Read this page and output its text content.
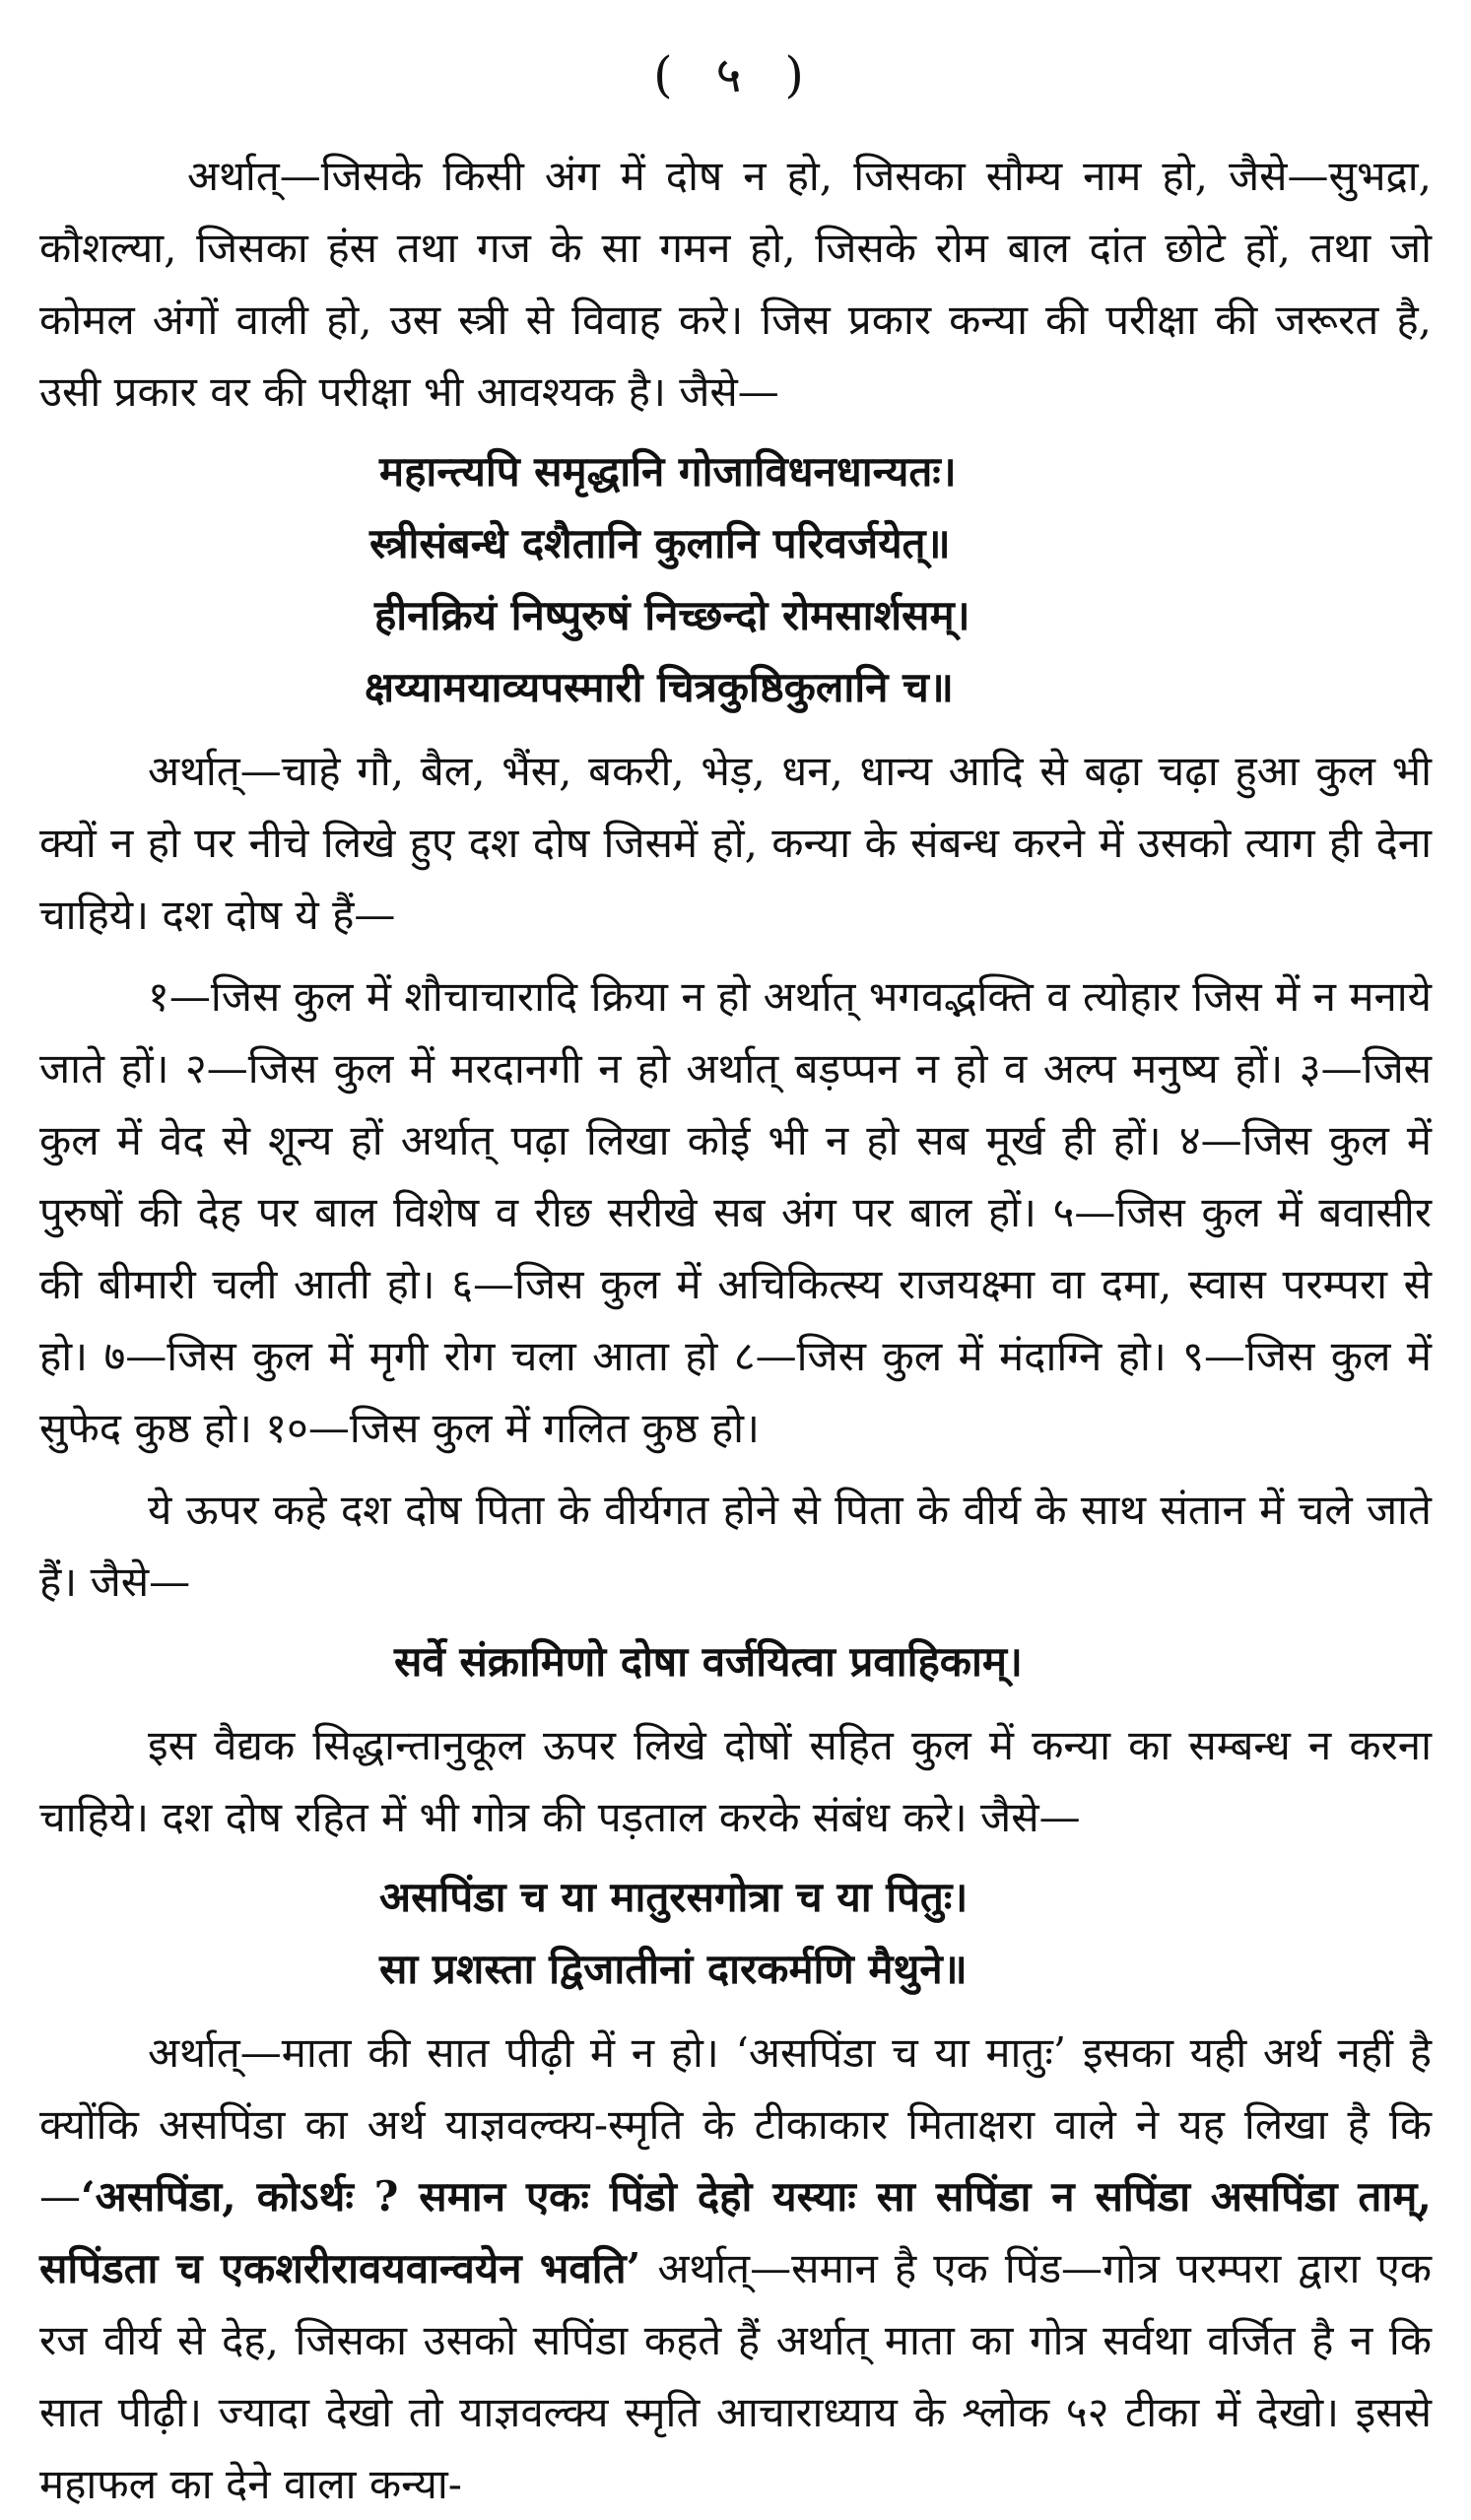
( ५ )

अर्थात्—जिसके किसी अंग में दोष न हो, जिसका सौम्य नाम हो, जैसे—सुभद्रा, कौशल्या, जिसका हंस तथा गज के सा गमन हो, जिसके रोम बाल दांत छोटे हों, तथा जो कोमल अंगों वाली हो, उस स्त्री से विवाह करे। जिस प्रकार कन्या की परीक्षा की जरूरत है, उसी प्रकार वर की परीक्षा भी आवश्यक है। जैसे—

महान्त्यपि समृद्धानि गोजाविधनधान्यतः।
स्त्रीसंबन्धे दशैतानि कुलानि परिवर्जयेत्॥
हीनक्रियं निष्पुरुषं निच्छन्दो रोमसार्शसम्।
क्षय्यामयाव्यपस्मारी चित्रकुष्ठिकुलानि च॥

अर्थात्—चाहे गौ, बैल, भैंस, बकरी, भेड़, धन, धान्य आदि से बढ़ा चढ़ा हुआ कुल भी क्यों न हो पर नीचे लिखे हुए दश दोष जिसमें हों, कन्या के संबन्ध करने में उसको त्याग ही देना चाहिये। दश दोष ये हैं—

१—जिस कुल में शौचाचारादि क्रिया न हो अर्थात् भगवद्भक्ति व त्योहार जिस में न मनाये जाते हों। २—जिस कुल में मरदानगी न हो अर्थात् बड़प्पन न हो व अल्प मनुष्य हों। ३—जिस कुल में वेद से शून्य हों अर्थात् पढ़ा लिखा कोई भी न हो सब मूर्ख ही हों। ४—जिस कुल में पुरुषों की देह पर बाल विशेष व रीछ सरीखे सब अंग पर बाल हों। ५—जिस कुल में बवासीर की बीमारी चली आती हो। ६—जिस कुल में अचिकित्स्य राजयक्ष्मा वा दमा, स्वास परम्परा से हो। ७—जिस कुल में मृगी रोग चला आता हो ८—जिस कुल में मंदाग्नि हो। ९—जिस कुल में सुफेद कुष्ठ हो। १०—जिस कुल में गलित कुष्ठ हो।

ये ऊपर कहे दश दोष पिता के वीर्यगत होने से पिता के वीर्य के साथ संतान में चले जाते हैं। जैसे—

सर्वे संक्रामिणो दोषा वर्जयित्वा प्रवाहिकाम्।

इस वैद्यक सिद्धान्तानुकूल ऊपर लिखे दोषों सहित कुल में कन्या का सम्बन्ध न करना चाहिये। दश दोष रहित में भी गोत्र की पड़ताल करके संबंध करे। जैसे—

असपिंडा च या मातुरसगोत्रा च या पितुः।
सा प्रशस्ता द्विजातीनां दारकर्मणि मैथुने॥

अर्थात्—माता की सात पीढ़ी में न हो। ‘असपिंडा च या मातुः’ इसका यही अर्थ नहीं है क्योंकि असपिंडा का अर्थ याज्ञवल्क्य-स्मृति के टीकाकार मिताक्षरा वाले ने यह लिखा है कि—‘असपिंडा, कोऽर्थः ? समान एकः पिंडो देहो यस्याः सा सपिंडा न सपिंडा असपिंडा ताम्, सपिंडता च एकशरीरावयवान्वयेन भवति’ अर्थात्—समान है एक पिंड—गोत्र परम्परा द्वारा एक रज वीर्य से देह, जिसका उसको सपिंडा कहते हैं अर्थात् माता का गोत्र सर्वथा वर्जित है न कि सात पीढ़ी। ज्यादा देखो तो याज्ञवल्क्य स्मृति आचाराध्याय के श्लोक ५२ टीका में देखो। इससे महाफल का देने वाला कन्या-
